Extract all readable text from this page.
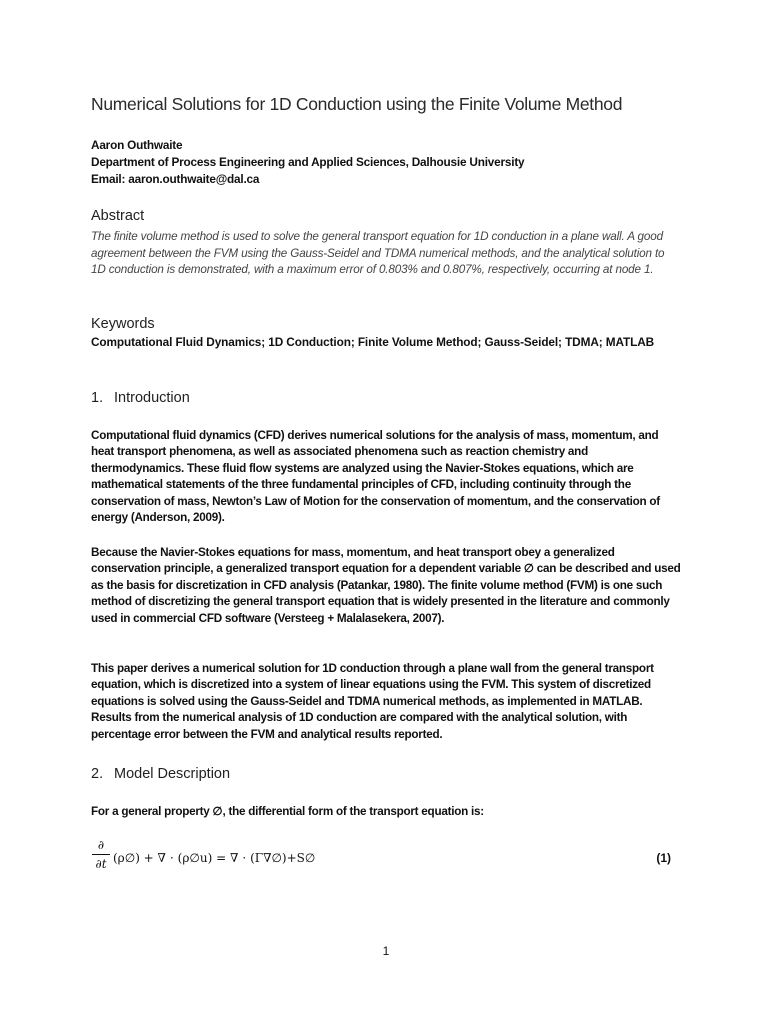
Numerical Solutions for 1D Conduction using the Finite Volume Method
Aaron Outhwaite
Department of Process Engineering and Applied Sciences, Dalhousie University
Email: aaron.outhwaite@dal.ca
Abstract
The finite volume method is used to solve the general transport equation for 1D conduction in a plane wall. A good agreement between the FVM using the Gauss-Seidel and TDMA numerical methods, and the analytical solution to 1D conduction is demonstrated, with a maximum error of 0.803% and 0.807%, respectively, occurring at node 1.
Keywords
Computational Fluid Dynamics; 1D Conduction; Finite Volume Method; Gauss-Seidel; TDMA; MATLAB
1. Introduction
Computational fluid dynamics (CFD) derives numerical solutions for the analysis of mass, momentum, and heat transport phenomena, as well as associated phenomena such as reaction chemistry and thermodynamics. These fluid flow systems are analyzed using the Navier-Stokes equations, which are mathematical statements of the three fundamental principles of CFD, including continuity through the conservation of mass, Newton’s Law of Motion for the conservation of momentum, and the conservation of energy (Anderson, 2009).
Because the Navier-Stokes equations for mass, momentum, and heat transport obey a generalized conservation principle, a generalized transport equation for a dependent variable ∅ can be described and used as the basis for discretization in CFD analysis (Patankar, 1980). The finite volume method (FVM) is one such method of discretizing the general transport equation that is widely presented in the literature and commonly used in commercial CFD software (Versteeg + Malalasekera, 2007).
This paper derives a numerical solution for 1D conduction through a plane wall from the general transport equation, which is discretized into a system of linear equations using the FVM. This system of discretized equations is solved using the Gauss-Seidel and TDMA numerical methods, as implemented in MATLAB. Results from the numerical analysis of 1D conduction are compared with the analytical solution, with percentage error between the FVM and analytical results reported.
2. Model Description
For a general property ∅, the differential form of the transport equation is:
∂
∂t (ρ∅) + ∇ ⋅ (ρ∅u) = ∇ ⋅ (Γ∇∅)+S∅	(1)
1
